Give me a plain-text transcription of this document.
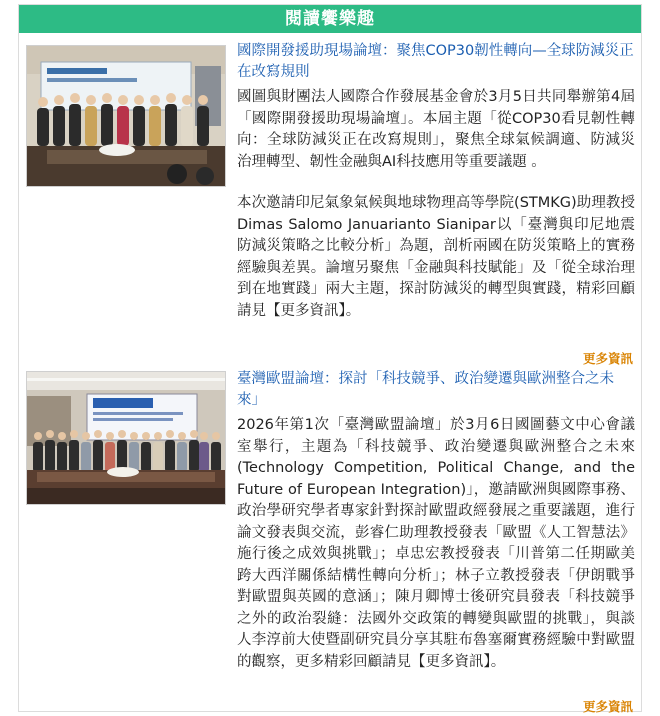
閱讀饗樂趣
國際開發援助現場論壇：聚焦COP30韌性轉向—全球防減災正在改寫規則

國圖與財團法人國際合作發展基金會於3月5日共同舉辦第4屆「國際開發援助現場論壇」。本屆主題「從COP30看見韌性轉向：全球防減災正在改寫規則」，聚焦全球氣候調適、防減災治理轉型、韌性金融與AI科技應用等重要議題 。

本次邀請印尼氣象氣候與地球物理高等學院(STMKG)助理教授Dimas Salomo Januarianto Sianipar以「臺灣與印尼地震防減災策略之比較分析」為題，剖析兩國在防災策略上的實務經驗與差異。論壇另聚焦「金融與科技賦能」及「從全球治理到在地實踐」兩大主題，探討防減災的轉型與實踐，精彩回顧請見【更多資訊】。

更多資訊
臺灣歐盟論壇：探討「科技競爭、政治變遷與歐洲整合之未來」

2026年第1次「臺灣歐盟論壇」於3月6日國圖藝文中心會議室舉行，主題為「科技競爭、政治變遷與歐洲整合之未來(Technology Competition, Political Change, and the Future of European Integration)」，邀請歐洲與國際事務、政治學研究學者專家針對探討歐盟政經發展之重要議題，進行論文發表與交流，彭睿仁助理教授發表「歐盟《人工智慧法》施行後之成效與挑戰」；卓忠宏教授發表「川普第二任期歐美跨大西洋關係結構性轉向分析」；林子立教授發表「伊朗戰爭對歐盟與英國的意涵」；陳月卿博士後研究員發表「科技競爭之外的政治裂縫：法國外交政策的轉變與歐盟的挑戰」，與談人李淳前大使暨副研究員分享其駐布魯塞爾實務經驗中對歐盟的觀察，更多精彩回顧請見【更多資訊】。

更多資訊
